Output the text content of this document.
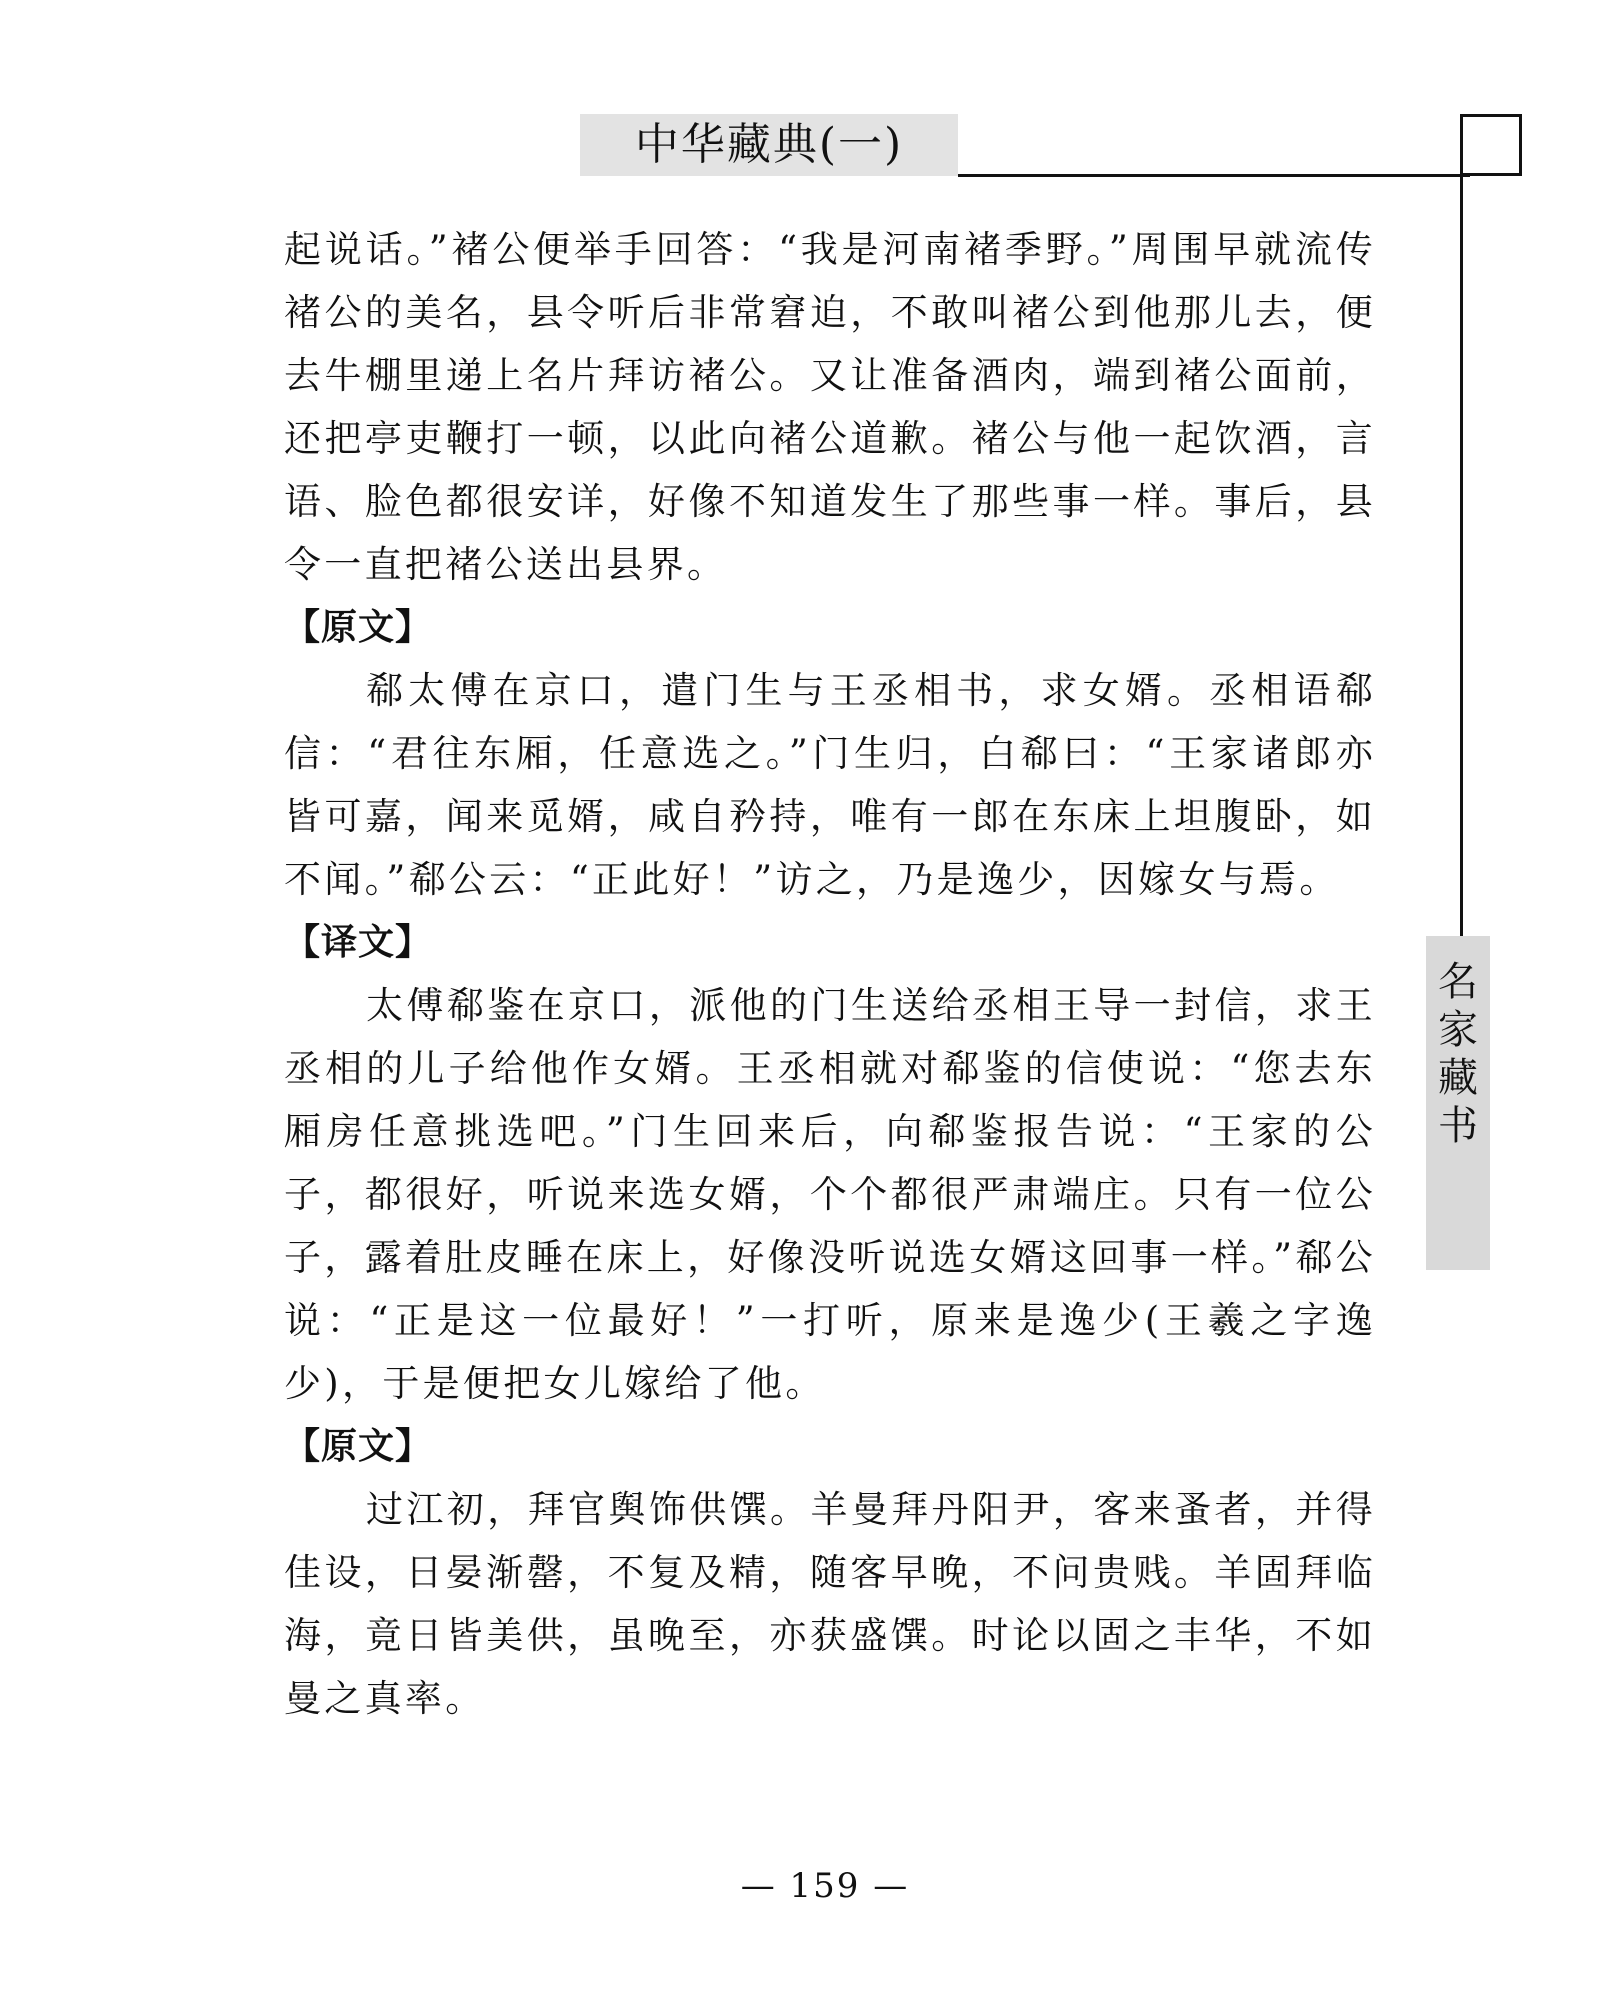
中华藏典(一)
名
家
藏
书

起说话。”褚公便举手回答：“我是河南褚季野。”周围早就流传褚公的美名，县令听后非常窘迫，不敢叫褚公到他那儿去，便去牛棚里递上名片拜访褚公。又让准备酒肉，端到褚公面前，还把亭吏鞭打一顿，以此向褚公道歉。褚公与他一起饮酒，言语、脸色都很安详，好像不知道发生了那些事一样。事后，县令一直把褚公送出县界。

【原文】

郗太傅在京口，遣门生与王丞相书，求女婿。丞相语郗信：“君往东厢，任意选之。”门生归，白郗曰：“王家诸郎亦皆可嘉，闻来觅婿，咸自矜持，唯有一郎在东床上坦腹卧，如不闻。”郗公云：“正此好！”访之，乃是逸少，因嫁女与焉。

【译文】

太傅郗鉴在京口，派他的门生送给丞相王导一封信，求王丞相的儿子给他作女婿。王丞相就对郗鉴的信使说：“您去东厢房任意挑选吧。”门生回来后，向郗鉴报告说：“王家的公子，都很好，听说来选女婿，个个都很严肃端庄。只有一位公子，露着肚皮睡在床上，好像没听说选女婿这回事一样。”郗公说：“正是这一位最好！”一打听，原来是逸少(王羲之字逸少)，于是便把女儿嫁给了他。

【原文】

过江初，拜官舆饰供馔。羊曼拜丹阳尹，客来蚤者，并得佳设，日晏渐罄，不复及精，随客早晚，不问贵贱。羊固拜临海，竟日皆美供，虽晚至，亦获盛馔。时论以固之丰华，不如曼之真率。

— 159 —
